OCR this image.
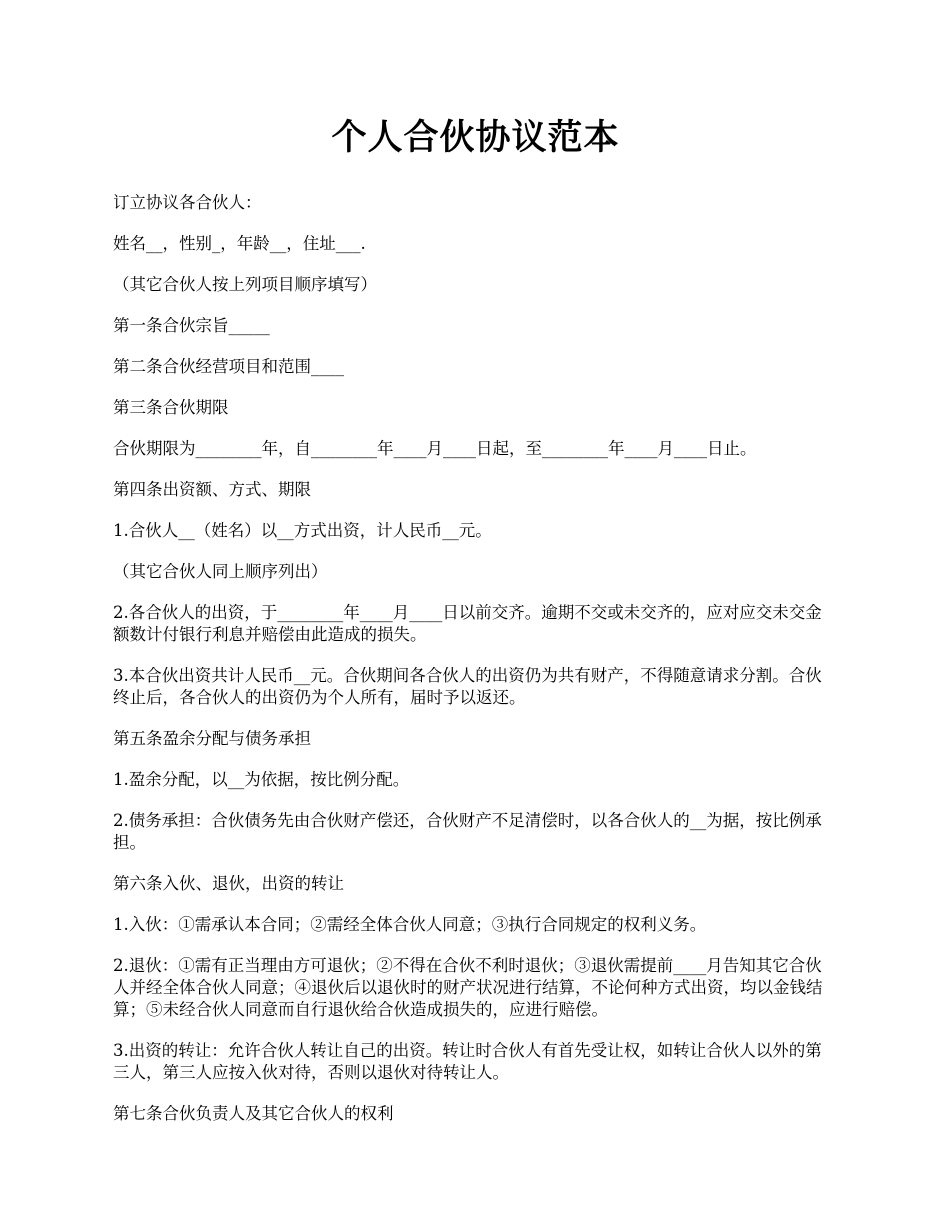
个人合伙协议范本

订立协议各合伙人：

姓名__，性别_，年龄__，住址___.

（其它合伙人按上列项目顺序填写）

第一条合伙宗旨_____

第二条合伙经营项目和范围____

第三条合伙期限

合伙期限为________年，自________年____月____日起，至________年____月____日止。

第四条出资额、方式、期限

1.合伙人__（姓名）以__方式出资，计人民币__元。

（其它合伙人同上顺序列出）

2.各合伙人的出资，于________年____月____日以前交齐。逾期不交或未交齐的，应对应交未交金额数计付银行利息并赔偿由此造成的损失。

3.本合伙出资共计人民币__元。合伙期间各合伙人的出资仍为共有财产，不得随意请求分割。合伙终止后，各合伙人的出资仍为个人所有，届时予以返还。

第五条盈余分配与债务承担

1.盈余分配，以__为依据，按比例分配。

2.债务承担：合伙债务先由合伙财产偿还，合伙财产不足清偿时，以各合伙人的__为据，按比例承担。

第六条入伙、退伙，出资的转让

1.入伙：①需承认本合同；②需经全体合伙人同意；③执行合同规定的权利义务。

2.退伙：①需有正当理由方可退伙；②不得在合伙不利时退伙；③退伙需提前____月告知其它合伙人并经全体合伙人同意；④退伙后以退伙时的财产状况进行结算，不论何种方式出资，均以金钱结算；⑤未经合伙人同意而自行退伙给合伙造成损失的，应进行赔偿。

3.出资的转让：允许合伙人转让自己的出资。转让时合伙人有首先受让权，如转让合伙人以外的第三人，第三人应按入伙对待，否则以退伙对待转让人。

第七条合伙负责人及其它合伙人的权利
